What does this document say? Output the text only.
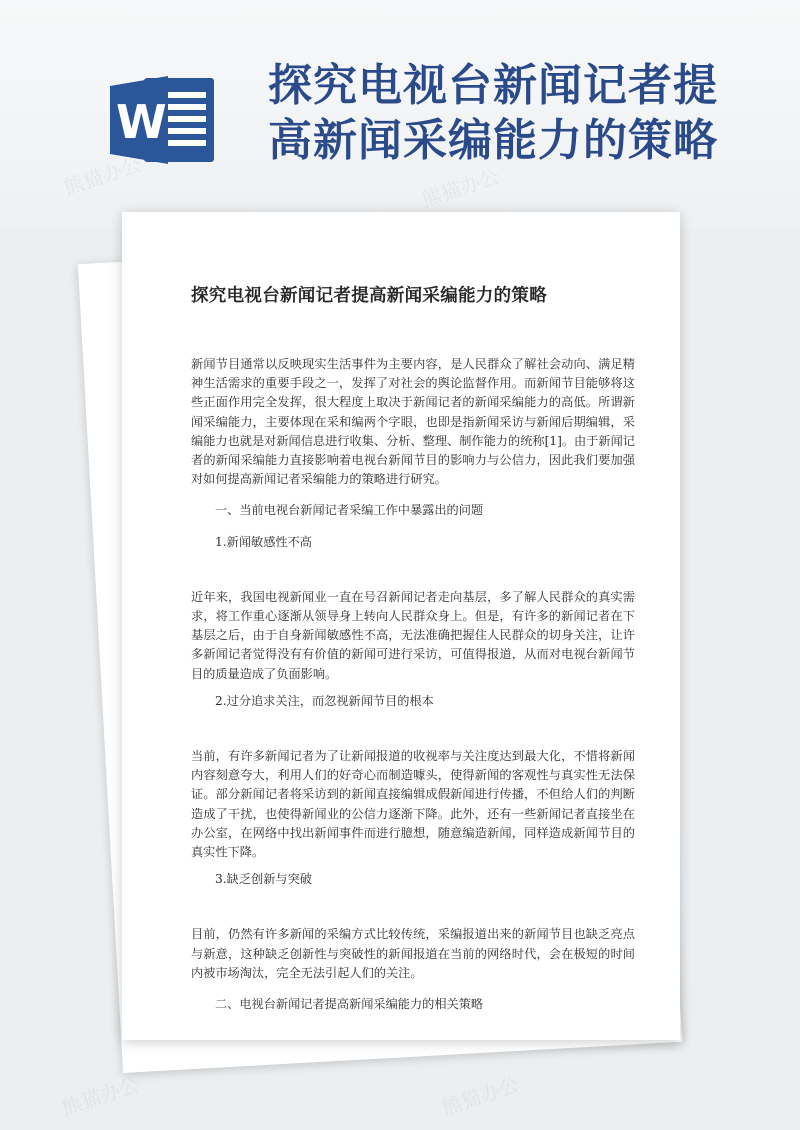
W
探究电视台新闻记者提高新闻采编能力的策略
熊猫办公	熊猫办公
探究电视台新闻记者提高新闻采编能力的策略

新闻节目通常以反映现实生活事件为主要内容，是人民群众了解社会动向、满足精神生活需求的重要手段之一，发挥了对社会的舆论监督作用。而新闻节目能够将这些正面作用完全发挥，很大程度上取决于新闻记者的新闻采编能力的高低。所谓新闻采编能力，主要体现在采和编两个字眼，也即是指新闻采访与新闻后期编辑，采编能力也就是对新闻信息进行收集、分析、整理、制作能力的统称[1]。由于新闻记者的新闻采编能力直接影响着电视台新闻节目的影响力与公信力，因此我们要加强对如何提高新闻记者采编能力的策略进行研究。

一、当前电视台新闻记者采编工作中暴露出的问题

1.新闻敏感性不高

近年来，我国电视新闻业一直在号召新闻记者走向基层，多了解人民群众的真实需求，将工作重心逐渐从领导身上转向人民群众身上。但是，有许多的新闻记者在下基层之后，由于自身新闻敏感性不高，无法准确把握住人民群众的切身关注，让许多新闻记者觉得没有有价值的新闻可进行采访，可值得报道，从而对电视台新闻节目的质量造成了负面影响。

2.过分追求关注，而忽视新闻节目的根本

当前，有许多新闻记者为了让新闻报道的收视率与关注度达到最大化，不惜将新闻内容刻意夸大，利用人们的好奇心而制造噱头，使得新闻的客观性与真实性无法保证。部分新闻记者将采访到的新闻直接编辑成假新闻进行传播，不但给人们的判断造成了干扰，也使得新闻业的公信力逐渐下降。此外，还有一些新闻记者直接坐在办公室，在网络中找出新闻事件而进行臆想，随意编造新闻，同样造成新闻节目的真实性下降。

3.缺乏创新与突破

目前，仍然有许多新闻的采编方式比较传统，采编报道出来的新闻节目也缺乏亮点与新意，这种缺乏创新性与突破性的新闻报道在当前的网络时代，会在极短的时间内被市场淘汰，完全无法引起人们的关注。

二、电视台新闻记者提高新闻采编能力的相关策略
